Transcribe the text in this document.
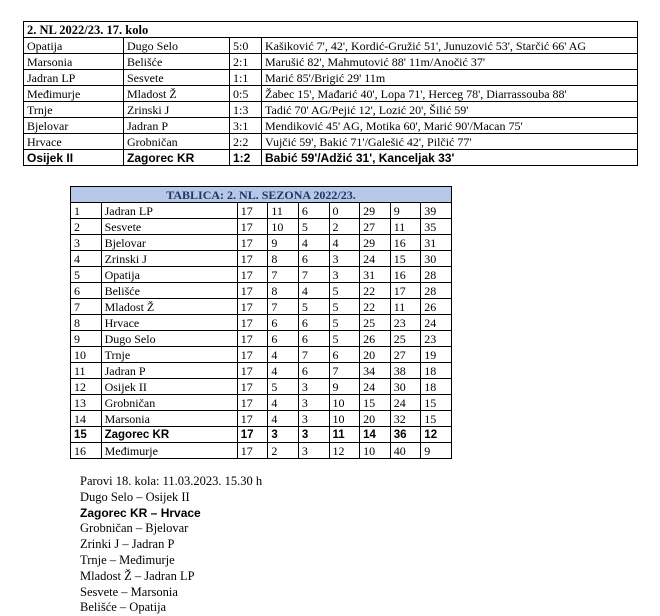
2. NL 2022/23. 17. kolo			
Opatija	Dugo Selo	5:0	Kašiković 7', 42', Kordić-Gružić 51', Junuzović 53', Starčić 66' AG
Marsonia	Belišće	2:1	Marušić 82', Mahmutović 88' 11m/Anočić 37'
Jadran LP	Sesvete	1:1	Marić 85'/Brigić 29' 11m
Međimurje	Mladost Ž	0:5	Žabec 15', Mađarić 40', Lopa 71', Herceg 78', Diarrassouba 88'
Trnje	Zrinski J	1:3	Tadić 70' AG/Pejić 12', Lozić 20', Šilić 59'
Bjelovar	Jadran P	3:1	Mendiković 45' AG, Motika 60', Marić 90'/Macan 75'
Hrvace	Grobničan	2:2	Vujčić 59', Bakić 71'/Galešić 42', Pilčić 77'
Osijek II	Zagorec KR	1:2	Babić 59'/Adžić 31', Kanceljak 33'
TABLICA: 2. NL. SEZONA 2022/23.								
1	Jadran LP	17	11	6	0	29	9	39
2	Sesvete	17	10	5	2	27	11	35
3	Bjelovar	17	9	4	4	29	16	31
4	Zrinski J	17	8	6	3	24	15	30
5	Opatija	17	7	7	3	31	16	28
6	Belišće	17	8	4	5	22	17	28
7	Mladost Ž	17	7	5	5	22	11	26
8	Hrvace	17	6	6	5	25	23	24
9	Dugo Selo	17	6	6	5	26	25	23
10	Trnje	17	4	7	6	20	27	19
11	Jadran P	17	4	6	7	34	38	18
12	Osijek II	17	5	3	9	24	30	18
13	Grobničan	17	4	3	10	15	24	15
14	Marsonia	17	4	3	10	20	32	15
15	Zagorec KR	17	3	3	11	14	36	12
16	Međimurje	17	2	3	12	10	40	9
Parovi 18. kola: 11.03.2023. 15.30 h
Dugo Selo – Osijek II
Zagorec KR – Hrvace
Grobničan – Bjelovar
Zrinki J – Jadran P
Trnje – Međimurje
Mladost Ž – Jadran LP
Sesvete – Marsonia
Belišće – Opatija
